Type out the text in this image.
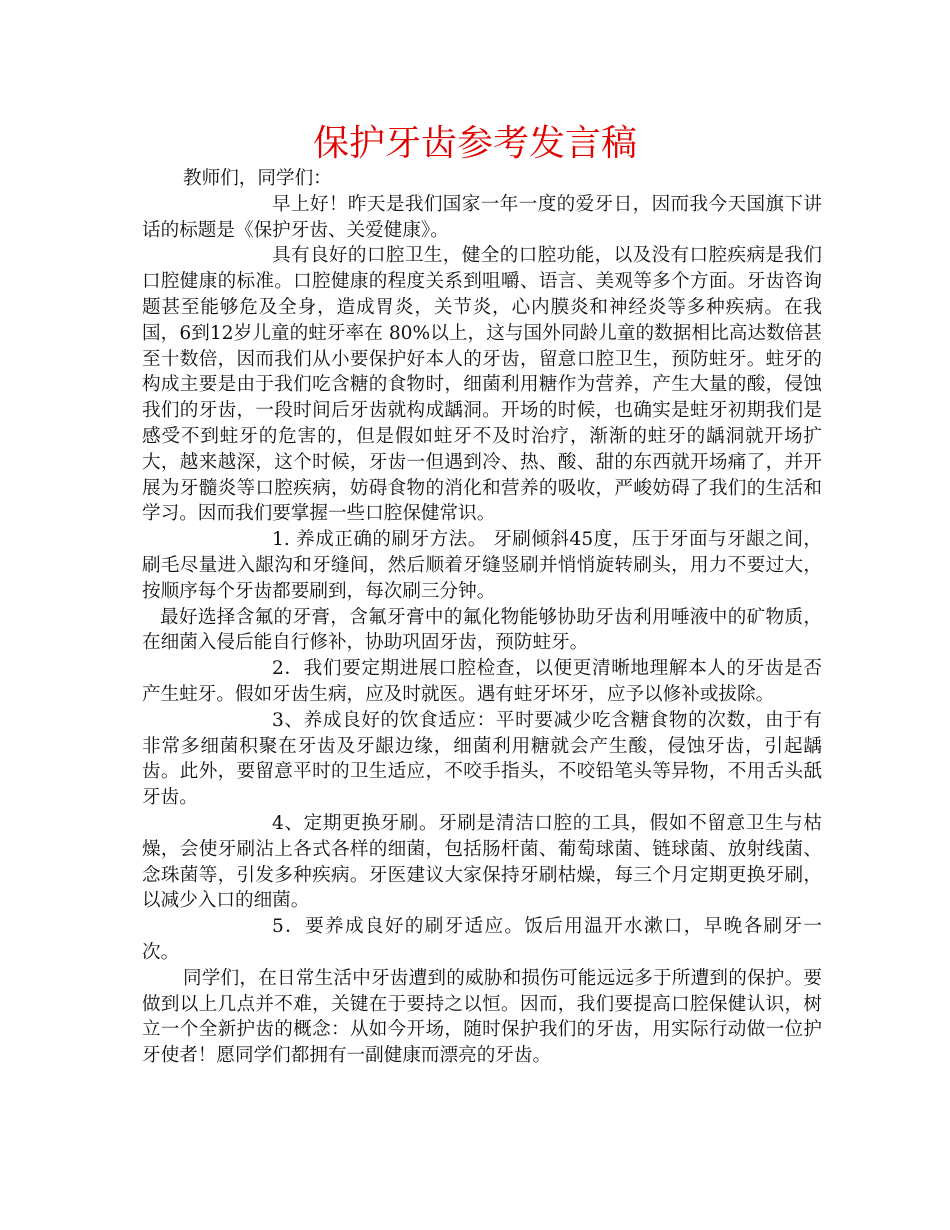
保护牙齿参考发言稿

教师们，同学们：

早上好！昨天是我们国家一年一度的爱牙日，因而我今天国旗下讲话的标题是《保护牙齿、关爱健康》。

具有良好的口腔卫生，健全的口腔功能，以及没有口腔疾病是我们口腔健康的标准。口腔健康的程度关系到咀嚼、语言、美观等多个方面。牙齿咨询题甚至能够危及全身，造成胃炎，关节炎，心内膜炎和神经炎等多种疾病。在我国，6到12岁儿童的蛀牙率在 80%以上，这与国外同龄儿童的数据相比高达数倍甚至十数倍，因而我们从小要保护好本人的牙齿，留意口腔卫生，预防蛀牙。蛀牙的构成主要是由于我们吃含糖的食物时，细菌利用糖作为营养，产生大量的酸，侵蚀我们的牙齿，一段时间后牙齿就构成龋洞。开场的时候，也确实是蛀牙初期我们是感受不到蛀牙的危害的，但是假如蛀牙不及时治疗，渐渐的蛀牙的龋洞就开场扩大，越来越深，这个时候，牙齿一但遇到冷、热、酸、甜的东西就开场痛了，并开展为牙髓炎等口腔疾病，妨碍食物的消化和营养的吸收，严峻妨碍了我们的生活和学习。因而我们要掌握一些口腔保健常识。

1. 养成正确的刷牙方法。 牙刷倾斜45度，压于牙面与牙龈之间，刷毛尽量进入龈沟和牙缝间，然后顺着牙缝竖刷并悄悄旋转刷头，用力不要过大，按顺序每个牙齿都要刷到，每次刷三分钟。

最好选择含氟的牙膏，含氟牙膏中的氟化物能够协助牙齿利用唾液中的矿物质，在细菌入侵后能自行修补，协助巩固牙齿，预防蛀牙。

2．我们要定期进展口腔检查，以便更清晰地理解本人的牙齿是否产生蛀牙。假如牙齿生病，应及时就医。遇有蛀牙坏牙，应予以修补或拔除。

3、养成良好的饮食适应：平时要减少吃含糖食物的次数，由于有非常多细菌积聚在牙齿及牙龈边缘，细菌利用糖就会产生酸，侵蚀牙齿，引起龋齿。此外，要留意平时的卫生适应，不咬手指头，不咬铅笔头等异物，不用舌头舐牙齿。

4、定期更换牙刷。牙刷是清洁口腔的工具，假如不留意卫生与枯燥，会使牙刷沾上各式各样的细菌，包括肠杆菌、葡萄球菌、链球菌、放射线菌、念珠菌等，引发多种疾病。牙医建议大家保持牙刷枯燥，每三个月定期更换牙刷，以减少入口的细菌。

5．要养成良好的刷牙适应。饭后用温开水漱口，早晚各刷牙一次。

同学们，在日常生活中牙齿遭到的威胁和损伤可能远远多于所遭到的保护。要做到以上几点并不难，关键在于要持之以恒。因而，我们要提高口腔保健认识，树立一个全新护齿的概念：从如今开场，随时保护我们的牙齿，用实际行动做一位护牙使者！愿同学们都拥有一副健康而漂亮的牙齿。
